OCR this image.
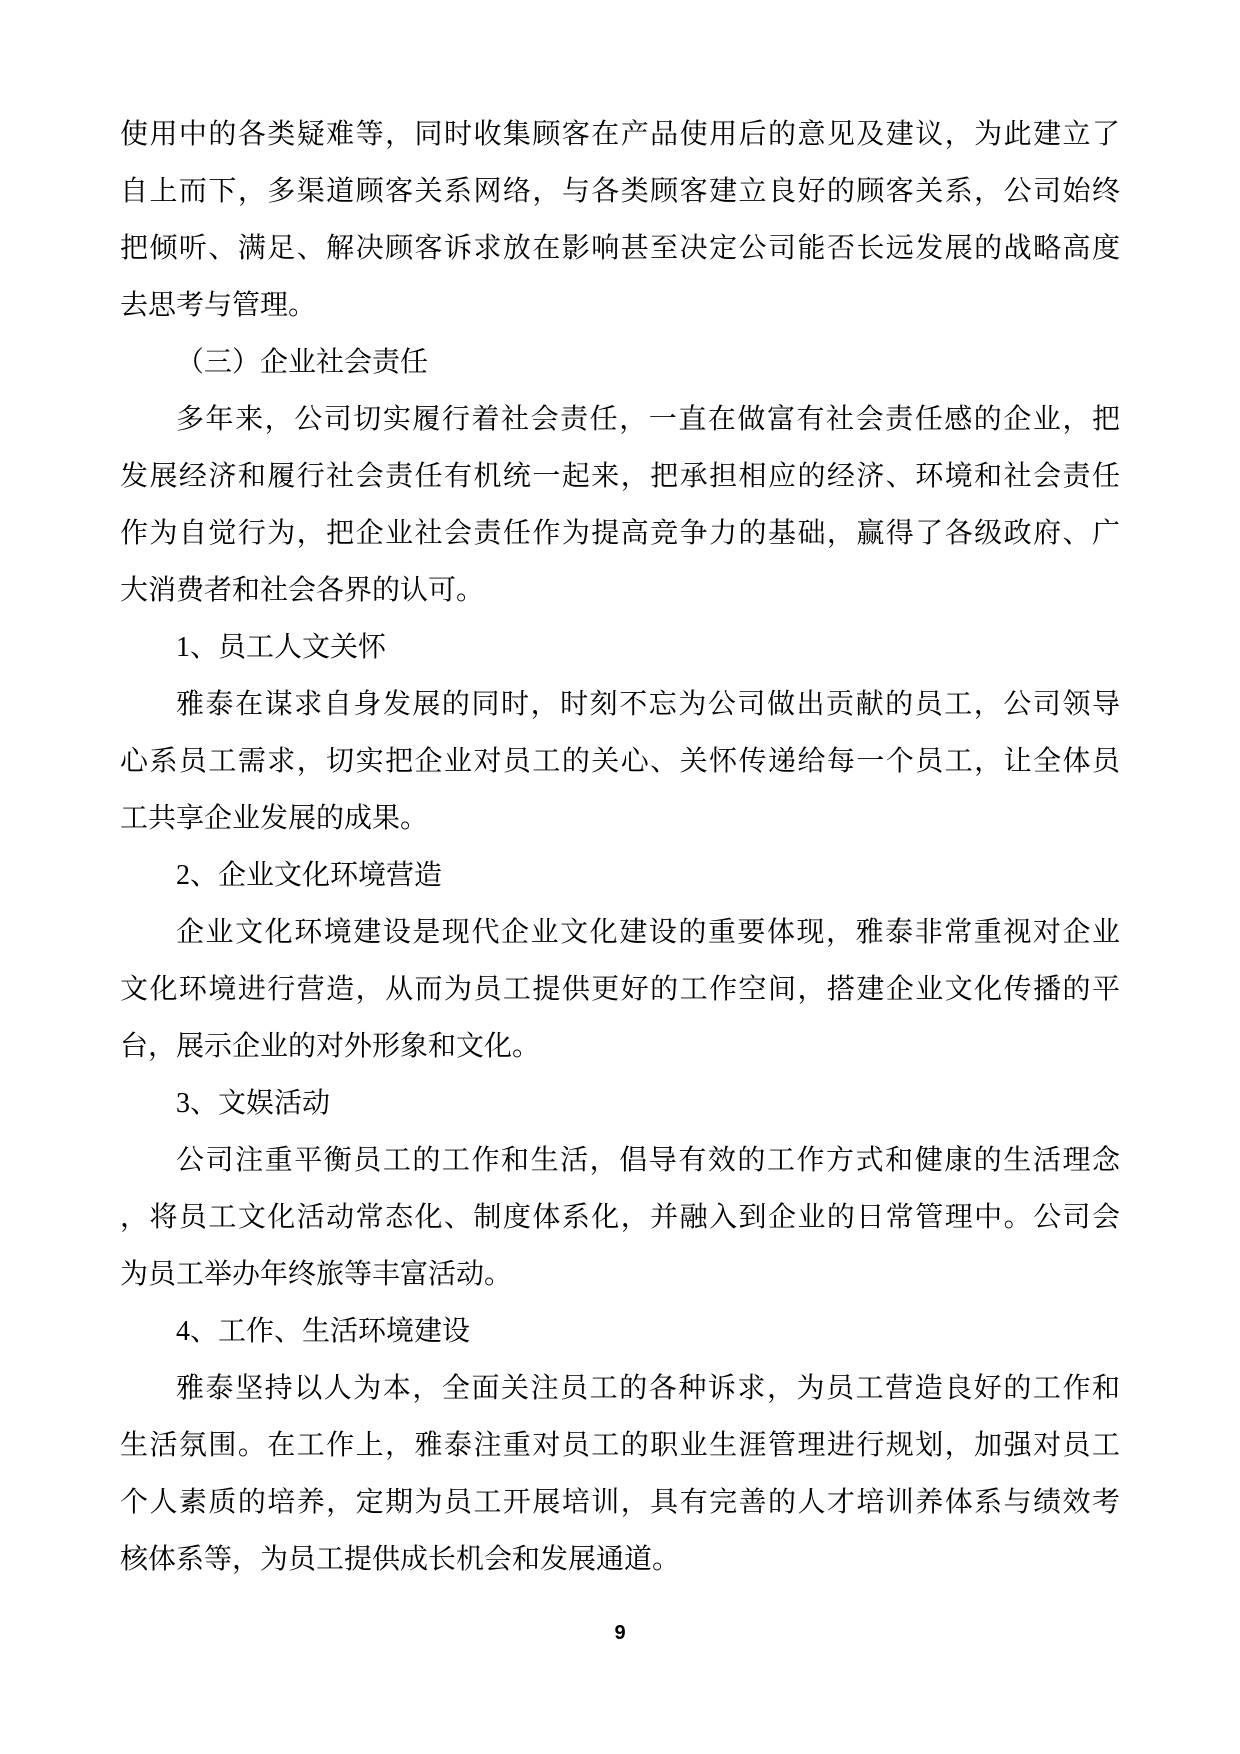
使用中的各类疑难等，同时收集顾客在产品使用后的意见及建议，为此建立了

自上而下，多渠道顾客关系网络，与各类顾客建立良好的顾客关系，公司始终

把倾听、满足、解决顾客诉求放在影响甚至决定公司能否长远发展的战略高度

去思考与管理。

（三）企业社会责任

多年来，公司切实履行着社会责任，一直在做富有社会责任感的企业，把

发展经济和履行社会责任有机统一起来，把承担相应的经济、环境和社会责任

作为自觉行为，把企业社会责任作为提高竞争力的基础，赢得了各级政府、广

大消费者和社会各界的认可。

1、员工人文关怀

雅泰在谋求自身发展的同时，时刻不忘为公司做出贡献的员工，公司领导

心系员工需求，切实把企业对员工的关心、关怀传递给每一个员工，让全体员

工共享企业发展的成果。

2、企业文化环境营造

企业文化环境建设是现代企业文化建设的重要体现，雅泰非常重视对企业

文化环境进行营造，从而为员工提供更好的工作空间，搭建企业文化传播的平

台，展示企业的对外形象和文化。

3、文娱活动

公司注重平衡员工的工作和生活，倡导有效的工作方式和健康的生活理念

，将员工文化活动常态化、制度体系化，并融入到企业的日常管理中。公司会

为员工举办年终旅等丰富活动。

4、工作、生活环境建设

雅泰坚持以人为本，全面关注员工的各种诉求，为员工营造良好的工作和

生活氛围。在工作上，雅泰注重对员工的职业生涯管理进行规划，加强对员工

个人素质的培养，定期为员工开展培训，具有完善的人才培训养体系与绩效考

核体系等，为员工提供成长机会和发展通道。

9
